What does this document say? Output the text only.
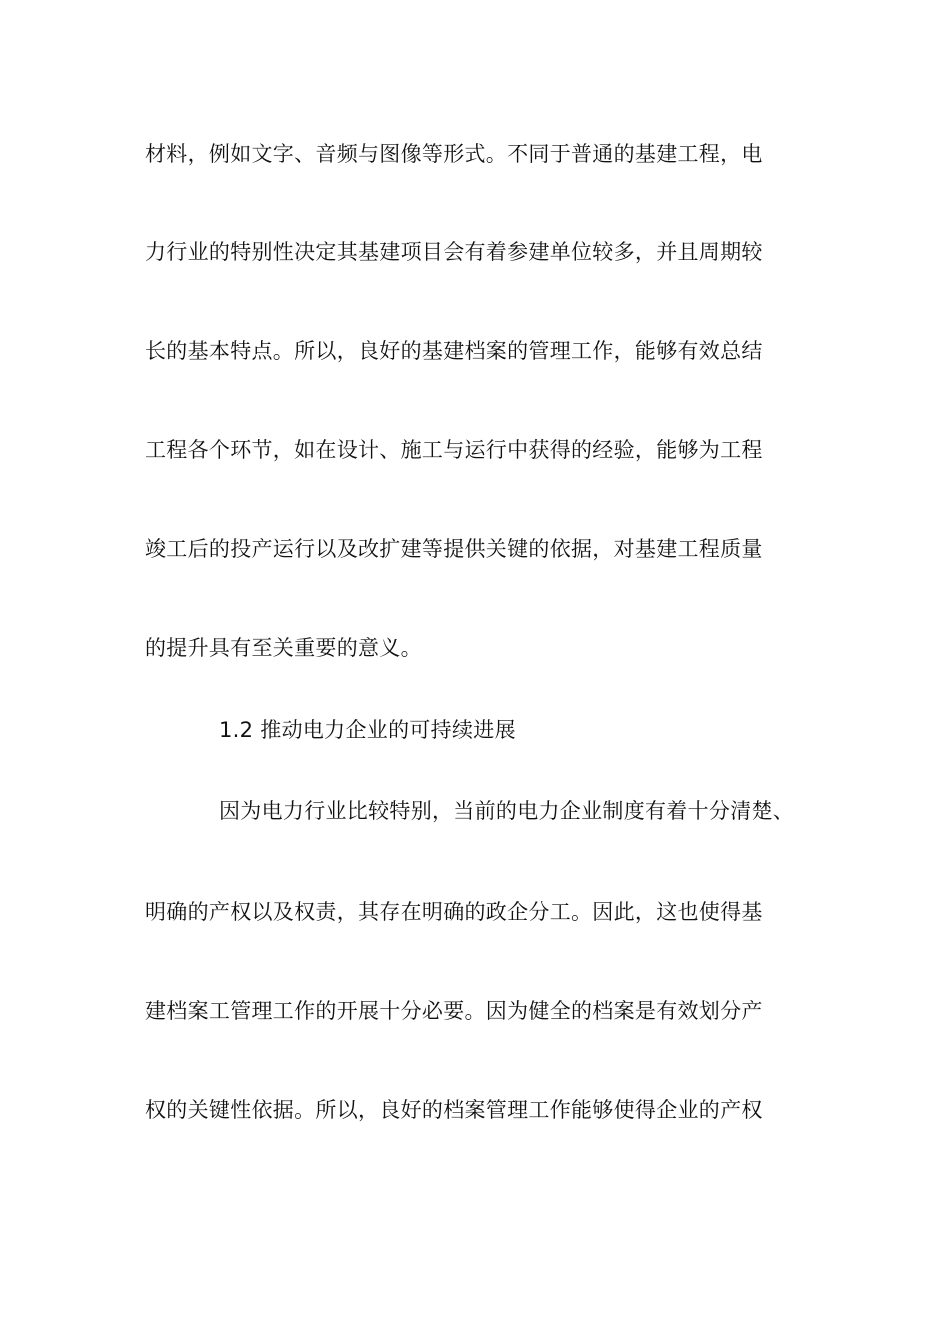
材料，例如文字、音频与图像等形式。不同于普通的基建工程，电
力行业的特别性决定其基建项目会有着参建单位较多，并且周期较
长的基本特点。所以，良好的基建档案的管理工作，能够有效总结
工程各个环节，如在设计、施工与运行中获得的经验，能够为工程
竣工后的投产运行以及改扩建等提供关键的依据，对基建工程质量
的提升具有至关重要的意义。
1.2 推动电力企业的可持续进展
因为电力行业比较特别，当前的电力企业制度有着十分清楚、
明确的产权以及权责，其存在明确的政企分工。因此，这也使得基
建档案工管理工作的开展十分必要。因为健全的档案是有效划分产
权的关键性依据。所以，良好的档案管理工作能够使得企业的产权
